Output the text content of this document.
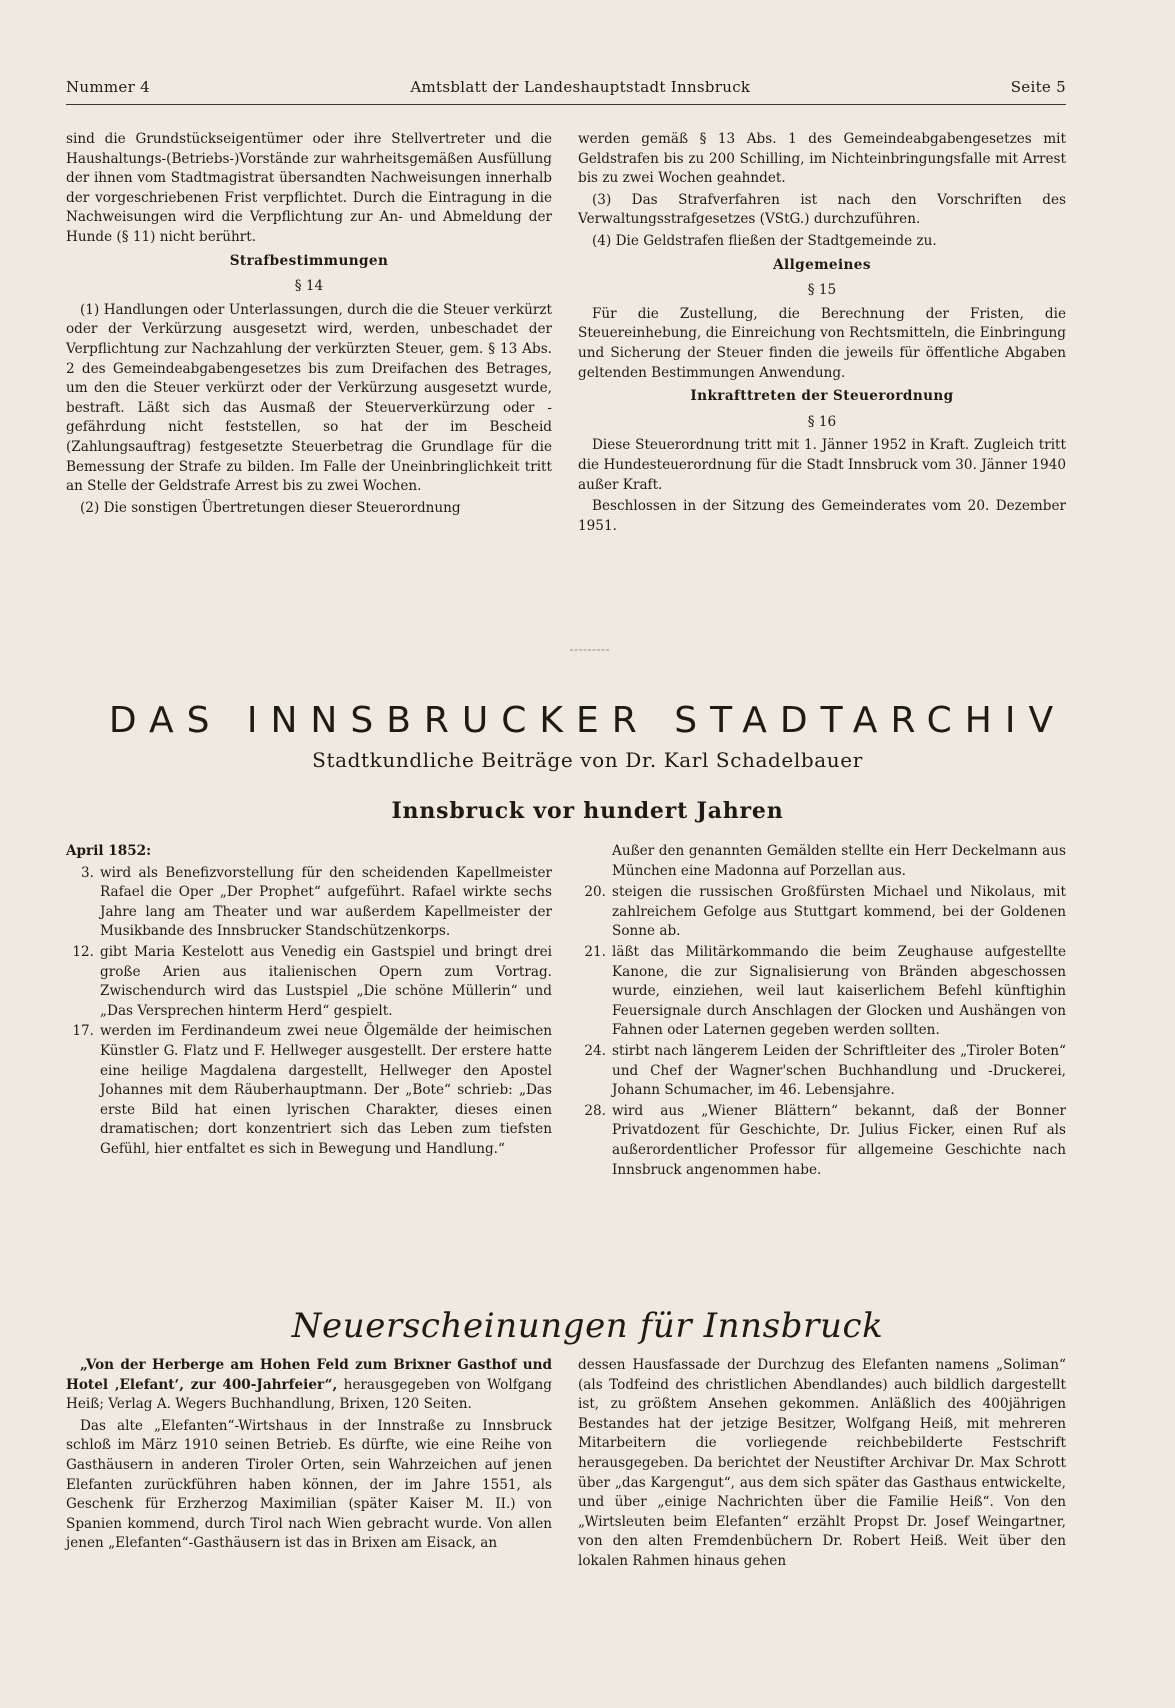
Nummer 4	Amtsblatt der Landeshauptstadt Innsbruck	Seite 5

sind die Grundstückseigentümer oder ihre Stellvertreter und die Haushaltungs-(Betriebs-)Vorstände zur wahrheitsgemäßen Ausfüllung der ihnen vom Stadtmagistrat übersandten Nachweisungen innerhalb der vorgeschriebenen Frist verpflichtet. Durch die Eintragung in die Nachweisungen wird die Verpflichtung zur An- und Abmeldung der Hunde (§ 11) nicht berührt.

Strafbestimmungen

§ 14

(1) Handlungen oder Unterlassungen, durch die die Steuer verkürzt oder der Verkürzung ausgesetzt wird, werden, unbeschadet der Verpflichtung zur Nachzahlung der verkürzten Steuer, gem. § 13 Abs. 2 des Gemeindeabgabengesetzes bis zum Dreifachen des Betrages, um den die Steuer verkürzt oder der Verkürzung ausgesetzt wurde, bestraft. Läßt sich das Ausmaß der Steuerverkürzung oder -gefährdung nicht feststellen, so hat der im Bescheid (Zahlungsauftrag) festgesetzte Steuerbetrag die Grundlage für die Bemessung der Strafe zu bilden. Im Falle der Uneinbringlichkeit tritt an Stelle der Geldstrafe Arrest bis zu zwei Wochen.

(2) Die sonstigen Übertretungen dieser Steuerordnung

werden gemäß § 13 Abs. 1 des Gemeindeabgabengesetzes mit Geldstrafen bis zu 200 Schilling, im Nichteinbringungsfalle mit Arrest bis zu zwei Wochen geahndet.

(3) Das Strafverfahren ist nach den Vorschriften des Verwaltungsstrafgesetzes (VStG.) durchzuführen.

(4) Die Geldstrafen fließen der Stadtgemeinde zu.

Allgemeines

§ 15

Für die Zustellung, die Berechnung der Fristen, die Steuereinhebung, die Einreichung von Rechtsmitteln, die Einbringung und Sicherung der Steuer finden die jeweils für öffentliche Abgaben geltenden Bestimmungen Anwendung.

Inkrafttreten der Steuerordnung

§ 16

Diese Steuerordnung tritt mit 1. Jänner 1952 in Kraft. Zugleich tritt die Hundesteuerordnung für die Stadt Innsbruck vom 30. Jänner 1940 außer Kraft.

Beschlossen in der Sitzung des Gemeinderates vom 20. Dezember 1951.

DAS INNSBRUCKER STADTARCHIV
Stadtkundliche Beiträge von Dr. Karl Schadelbauer
Innsbruck vor hundert Jahren

April 1852:

3. wird als Benefizvorstellung für den scheidenden Kapellmeister Rafael die Oper „Der Prophet“ aufgeführt. Rafael wirkte sechs Jahre lang am Theater und war außerdem Kapellmeister der Musikbande des Innsbrucker Standschützenkorps.
12. gibt Maria Kestelott aus Venedig ein Gastspiel und bringt drei große Arien aus italienischen Opern zum Vortrag. Zwischendurch wird das Lustspiel „Die schöne Müllerin“ und „Das Versprechen hinterm Herd“ gespielt.
17. werden im Ferdinandeum zwei neue Ölgemälde der heimischen Künstler G. Flatz und F. Hellweger ausgestellt. Der erstere hatte eine heilige Magdalena dargestellt, Hellweger den Apostel Johannes mit dem Räuberhauptmann. Der „Bote“ schrieb: „Das erste Bild hat einen lyrischen Charakter, dieses einen dramatischen; dort konzentriert sich das Leben zum tiefsten Gefühl, hier entfaltet es sich in Bewegung und Handlung.“

Außer den genannten Gemälden stellte ein Herr Deckelmann aus München eine Madonna auf Porzellan aus.

20. steigen die russischen Großfürsten Michael und Nikolaus, mit zahlreichem Gefolge aus Stuttgart kommend, bei der Goldenen Sonne ab.
21. läßt das Militärkommando die beim Zeughause aufgestellte Kanone, die zur Signalisierung von Bränden abgeschossen wurde, einziehen, weil laut kaiserlichem Befehl künftighin Feuersignale durch Anschlagen der Glocken und Aushängen von Fahnen oder Laternen gegeben werden sollten.
24. stirbt nach längerem Leiden der Schriftleiter des „Tiroler Boten“ und Chef der Wagner'schen Buchhandlung und -Druckerei, Johann Schumacher, im 46. Lebensjahre.
28. wird aus „Wiener Blättern“ bekannt, daß der Bonner Privatdozent für Geschichte, Dr. Julius Ficker, einen Ruf als außerordentlicher Professor für allgemeine Geschichte nach Innsbruck angenommen habe.
Neuerscheinungen für Innsbruck

„Von der Herberge am Hohen Feld zum Brixner Gasthof und Hotel ‚Elefant‘, zur 400-Jahrfeier“, herausgegeben von Wolfgang Heiß; Verlag A. Wegers Buchhandlung, Brixen, 120 Seiten.

Das alte „Elefanten“-Wirtshaus in der Innstraße zu Innsbruck schloß im März 1910 seinen Betrieb. Es dürfte, wie eine Reihe von Gasthäusern in anderen Tiroler Orten, sein Wahrzeichen auf jenen Elefanten zurückführen haben können, der im Jahre 1551, als Geschenk für Erzherzog Maximilian (später Kaiser M. II.) von Spanien kommend, durch Tirol nach Wien gebracht wurde. Von allen jenen „Elefanten“-Gasthäusern ist das in Brixen am Eisack, an

dessen Hausfassade der Durchzug des Elefanten namens „Soliman“ (als Todfeind des christlichen Abendlandes) auch bildlich dargestellt ist, zu größtem Ansehen gekommen. Anläßlich des 400jährigen Bestandes hat der jetzige Besitzer, Wolfgang Heiß, mit mehreren Mitarbeitern die vorliegende reichbebilderte Festschrift herausgegeben. Da berichtet der Neustifter Archivar Dr. Max Schrott über „das Kargengut“, aus dem sich später das Gasthaus entwickelte, und über „einige Nachrichten über die Familie Heiß“. Von den „Wirtsleuten beim Elefanten“ erzählt Propst Dr. Josef Weingartner, von den alten Fremdenbüchern Dr. Robert Heiß. Weit über den lokalen Rahmen hinaus gehen
